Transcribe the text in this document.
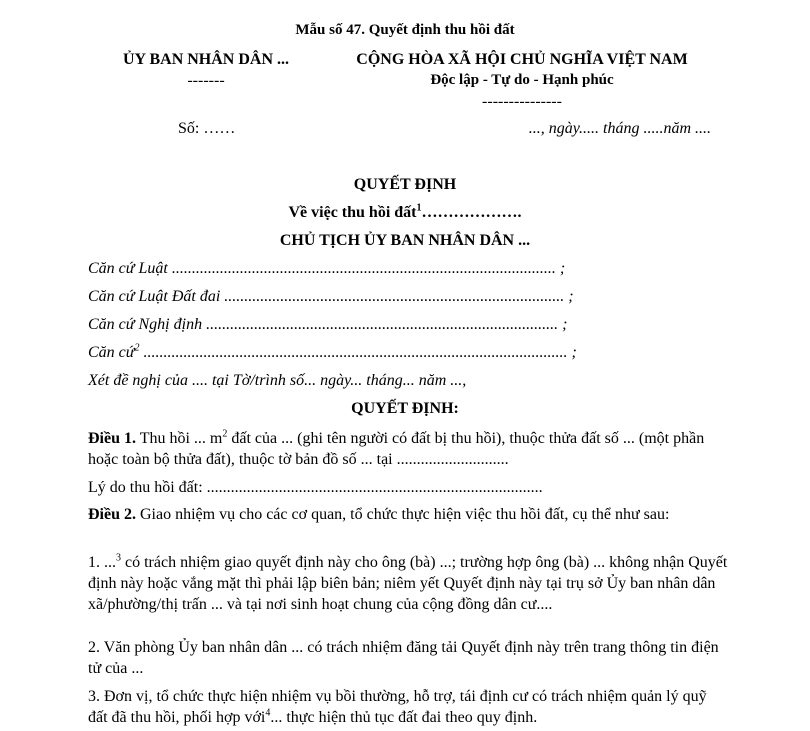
Mẫu số 47. Quyết định thu hồi đất
ỦY BAN NHÂN DÂN ...
-------
CỘNG HÒA XÃ HỘI CHỦ NGHĨA VIỆT NAM
Độc lập - Tự do - Hạnh phúc
---------------
Số: ……	..., ngày..... tháng .....năm ....
QUYẾT ĐỊNH
Về việc thu hồi đất$^1$……………….
CHỦ TỊCH ỦY BAN NHÂN DÂN ...
Căn cứ Luật ................................................................................................ ;
Căn cứ Luật Đất đai ..................................................................................... ;
Căn cứ Nghị định ........................................................................................ ;
Căn cứ$^2$ .......................................................................................................... ;
Xét đề nghị của .... tại Tờ/trình số... ngày... tháng... năm ...,
QUYẾT ĐỊNH:
Điều 1. Thu hồi ... $m^2$ đất của ... (ghi tên người có đất bị thu hồi), thuộc thửa đất số ... (một phần hoặc toàn bộ thửa đất), thuộc tờ bản đồ số ... tại ............................
Lý do thu hồi đất: ....................................................................................
Điều 2. Giao nhiệm vụ cho các cơ quan, tổ chức thực hiện việc thu hồi đất, cụ thể như sau:
1. ...$^3$ có trách nhiệm giao quyết định này cho ông (bà) ...; trường hợp ông (bà) ... không nhận Quyết định này hoặc vắng mặt thì phải lập biên bản; niêm yết Quyết định này tại trụ sở Ủy ban nhân dân xã/phường/thị trấn ... và tại nơi sinh hoạt chung của cộng đồng dân cư....
2. Văn phòng Ủy ban nhân dân ... có trách nhiệm đăng tải Quyết định này trên trang thông tin điện tử của ...
3. Đơn vị, tổ chức thực hiện nhiệm vụ bồi thường, hỗ trợ, tái định cư có trách nhiệm quản lý quỹ đất đã thu hồi, phối hợp với$^4$... thực hiện thủ tục đất đai theo quy định.
